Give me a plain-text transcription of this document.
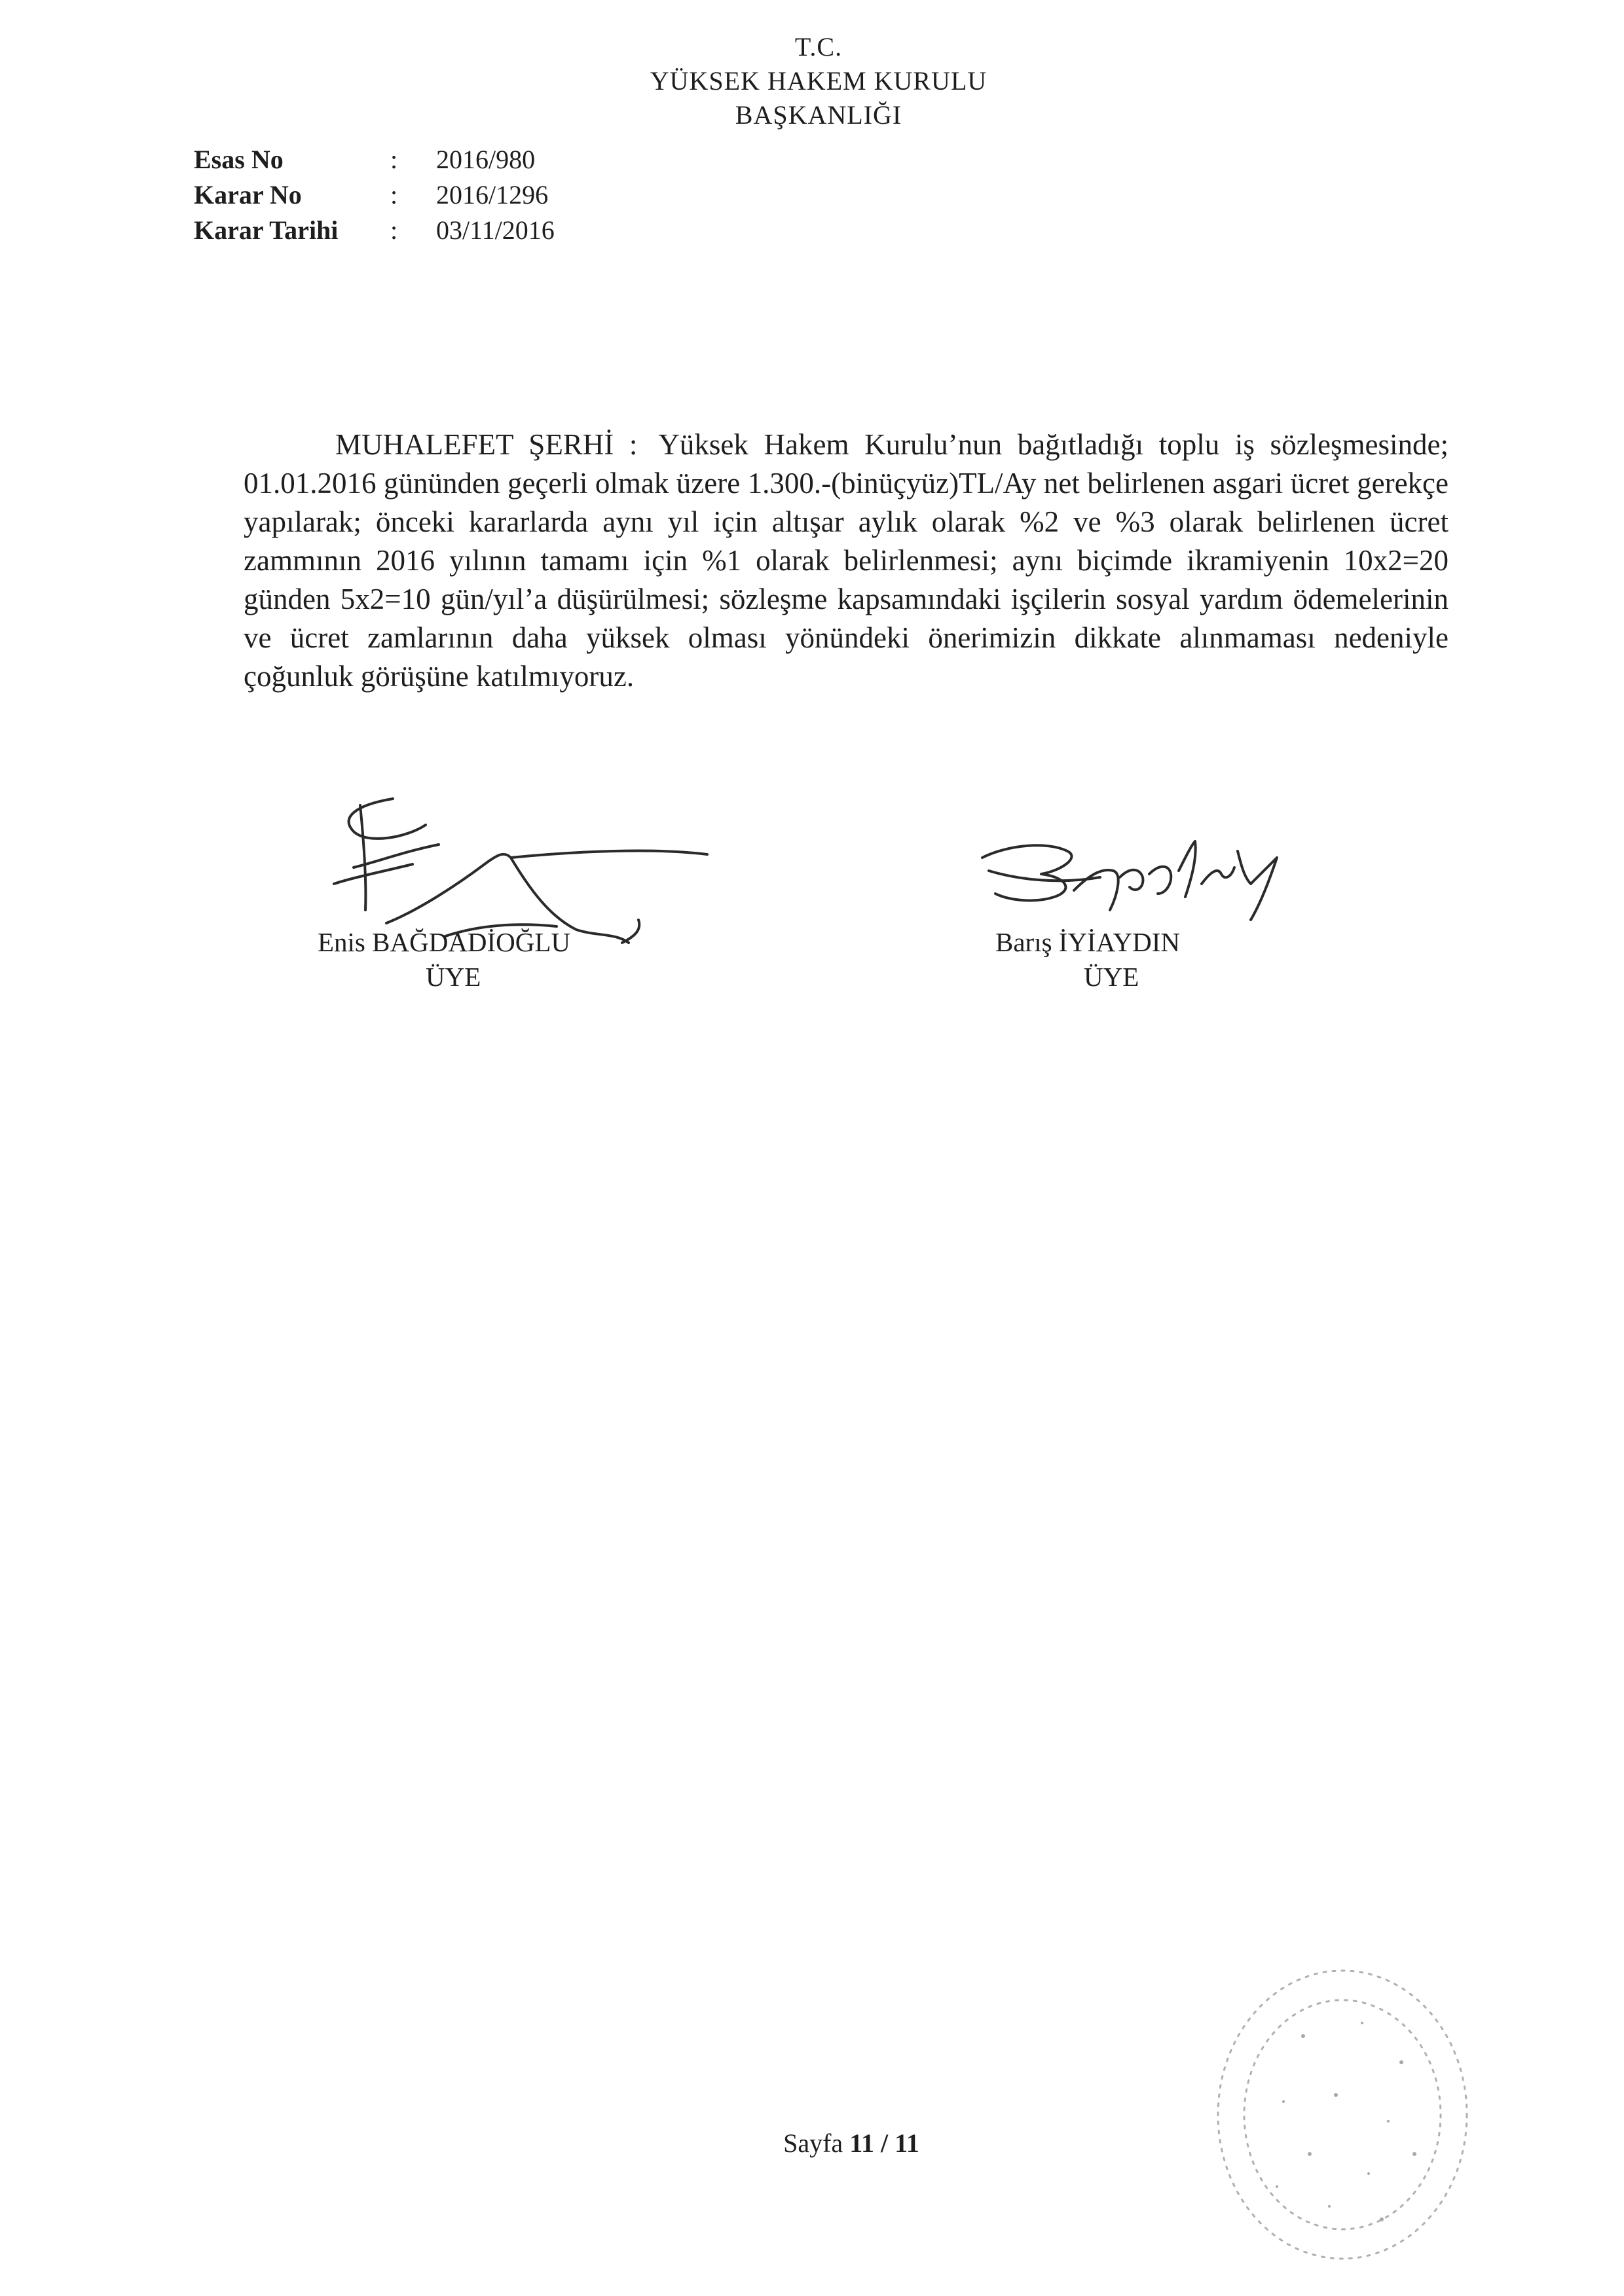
T.C.
YÜKSEK HAKEM KURULU
BAŞKANLIĞI
Esas No	: 2016/980
Karar No	: 2016/1296
Karar Tarihi : 03/11/2016
MUHALEFET ŞERHİ : Yüksek Hakem Kurulu’nun bağıtladığı toplu iş sözleşmesinde; 01.01.2016 gününden geçerli olmak üzere 1.300.-(binüçyüz)TL/Ay net belirlenen asgari ücret gerekçe yapılarak; önceki kararlarda aynı yıl için altışar aylık olarak %2 ve %3 olarak belirlenen ücret zammının 2016 yılının tamamı için %1 olarak belirlenmesi; aynı biçimde ikramiyenin 10x2=20 günden 5x2=10 gün/yıl’a düşürülmesi; sözleşme kapsamındaki işçilerin sosyal yardım ödemelerinin ve ücret zamlarının daha yüksek olması yönündeki önerimizin dikkate alınmaması nedeniyle çoğunluk görüşüne katılmıyoruz.
Enis BAĞDADİOĞLU
ÜYE
Barış İYİAYDIN
ÜYE
Sayfa 11 / 11
